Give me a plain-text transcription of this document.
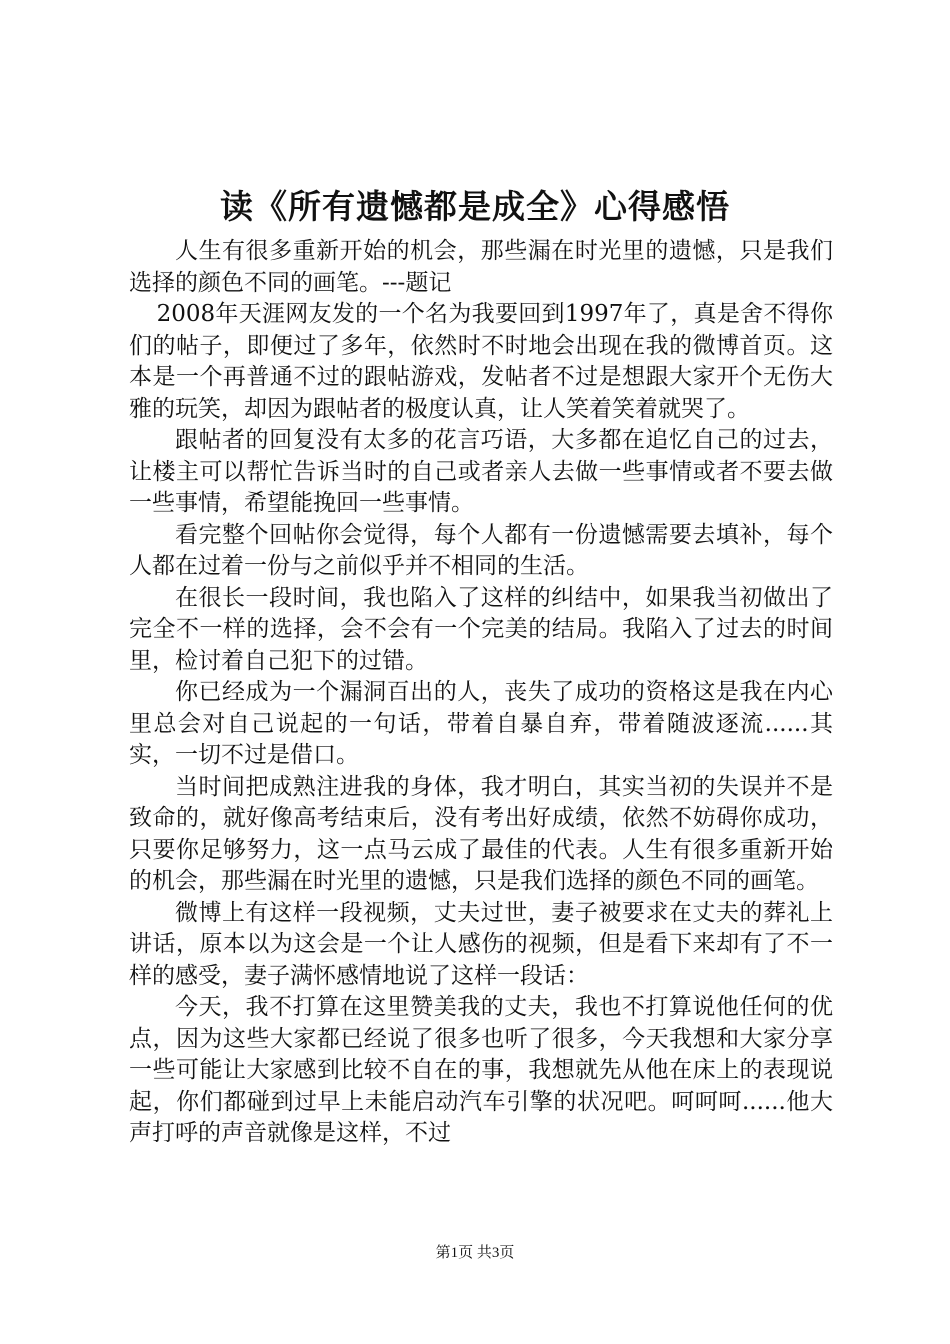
读《所有遗憾都是成全》心得感悟

人生有很多重新开始的机会，那些漏在时光里的遗憾，只是我们选择的颜色不同的画笔。---题记

2008年天涯网友发的一个名为我要回到1997年了，真是舍不得你们的帖子，即便过了多年，依然时不时地会出现在我的微博首页。这本是一个再普通不过的跟帖游戏，发帖者不过是想跟大家开个无伤大雅的玩笑，却因为跟帖者的极度认真，让人笑着笑着就哭了。

跟帖者的回复没有太多的花言巧语，大多都在追忆自己的过去，让楼主可以帮忙告诉当时的自己或者亲人去做一些事情或者不要去做一些事情，希望能挽回一些事情。

看完整个回帖你会觉得，每个人都有一份遗憾需要去填补，每个人都在过着一份与之前似乎并不相同的生活。

在很长一段时间，我也陷入了这样的纠结中，如果我当初做出了完全不一样的选择，会不会有一个完美的结局。我陷入了过去的时间里，检讨着自己犯下的过错。

你已经成为一个漏洞百出的人，丧失了成功的资格这是我在内心里总会对自己说起的一句话，带着自暴自弃，带着随波逐流......其实，一切不过是借口。

当时间把成熟注进我的身体，我才明白，其实当初的失误并不是致命的，就好像高考结束后，没有考出好成绩，依然不妨碍你成功，只要你足够努力，这一点马云成了最佳的代表。人生有很多重新开始的机会，那些漏在时光里的遗憾，只是我们选择的颜色不同的画笔。

微博上有这样一段视频，丈夫过世，妻子被要求在丈夫的葬礼上讲话，原本以为这会是一个让人感伤的视频，但是看下来却有了不一样的感受，妻子满怀感情地说了这样一段话：

今天，我不打算在这里赞美我的丈夫，我也不打算说他任何的优点，因为这些大家都已经说了很多也听了很多，今天我想和大家分享一些可能让大家感到比较不自在的事，我想就先从他在床上的表现说起，你们都碰到过早上未能启动汽车引擎的状况吧。呵呵呵......他大声打呼的声音就像是这样，不过

第1页 共3页
